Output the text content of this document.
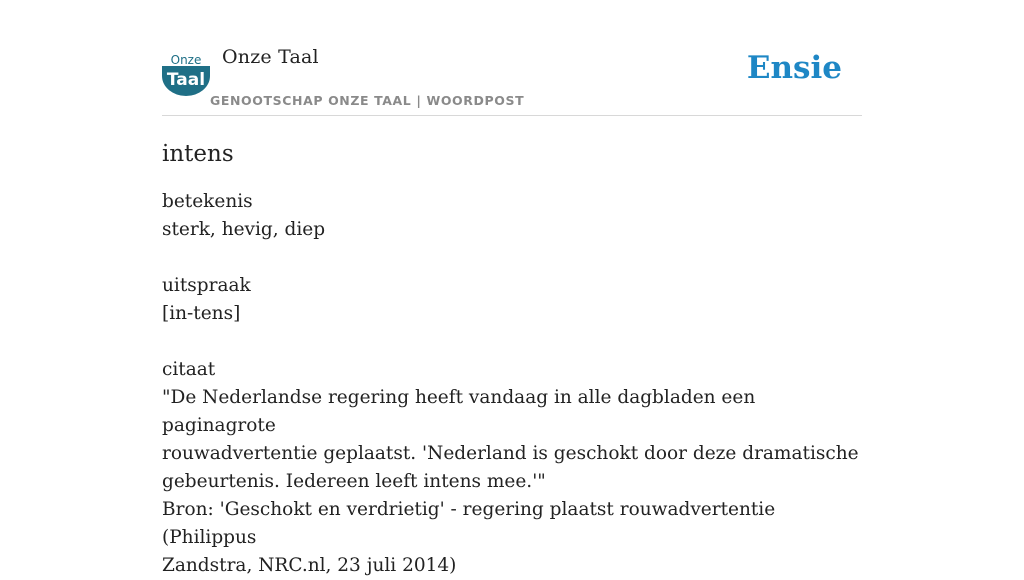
Onze
Taal
Onze Taal
GENOOTSCHAP ONZE TAAL | WOORDPOST
Ensie
intens
betekenis
sterk, hevig, diep
uitspraak
[in-tens]
citaat
"De Nederlandse regering heeft vandaag in alle dagbladen een paginagrote
rouwadvertentie geplaatst. 'Nederland is geschokt door deze dramatische
gebeurtenis. Iedereen leeft intens mee.'"
Bron: 'Geschokt en verdrietig' - regering plaatst rouwadvertentie (Philippus
Zandstra, NRC.nl, 23 juli 2014)
